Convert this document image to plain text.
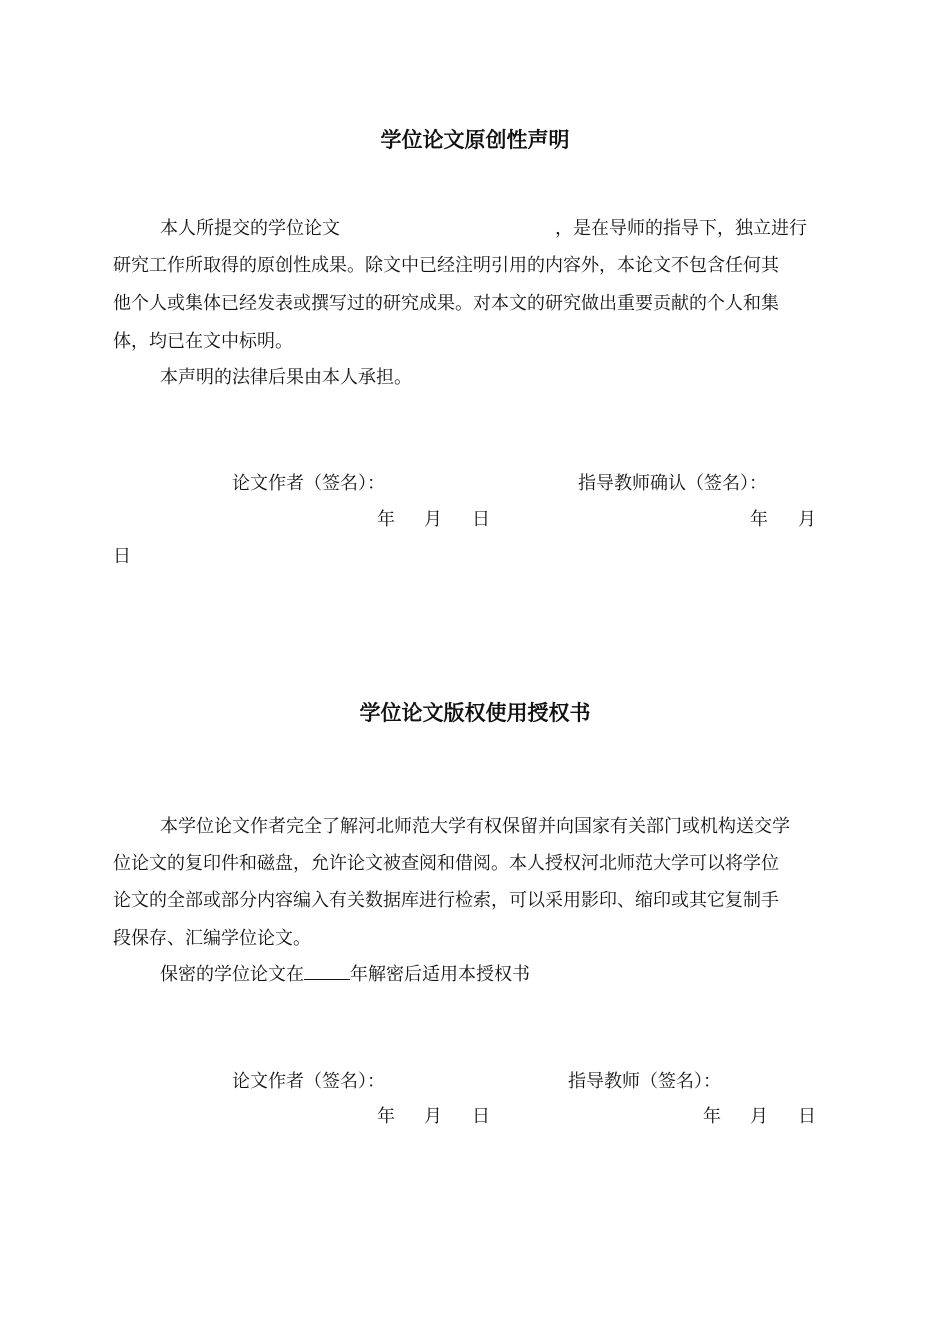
学位论文原创性声明
本人所提交的学位论文	，是在导师的指导下，独立进行
研究工作所取得的原创性成果。除文中已经注明引用的内容外，本论文不包含任何其
他个人或集体已经发表或撰写过的研究成果。对本文的研究做出重要贡献的个人和集
体，均已在文中标明。
本声明的法律后果由本人承担。
论文作者（签名）：	指导教师确认（签名）：
年 月 日	年 月
日
学位论文版权使用授权书
本学位论文作者完全了解河北师范大学有权保留并向国家有关部门或机构送交学
位论文的复印件和磁盘，允许论文被查阅和借阅。本人授权河北师范大学可以将学位
论文的全部或部分内容编入有关数据库进行检索，可以采用影印、缩印或其它复制手
段保存、汇编学位论文。
保密的学位论文在	年解密后适用本授权书
论文作者（签名）：	指导教师（签名）：
年 月 日	年 月 日
